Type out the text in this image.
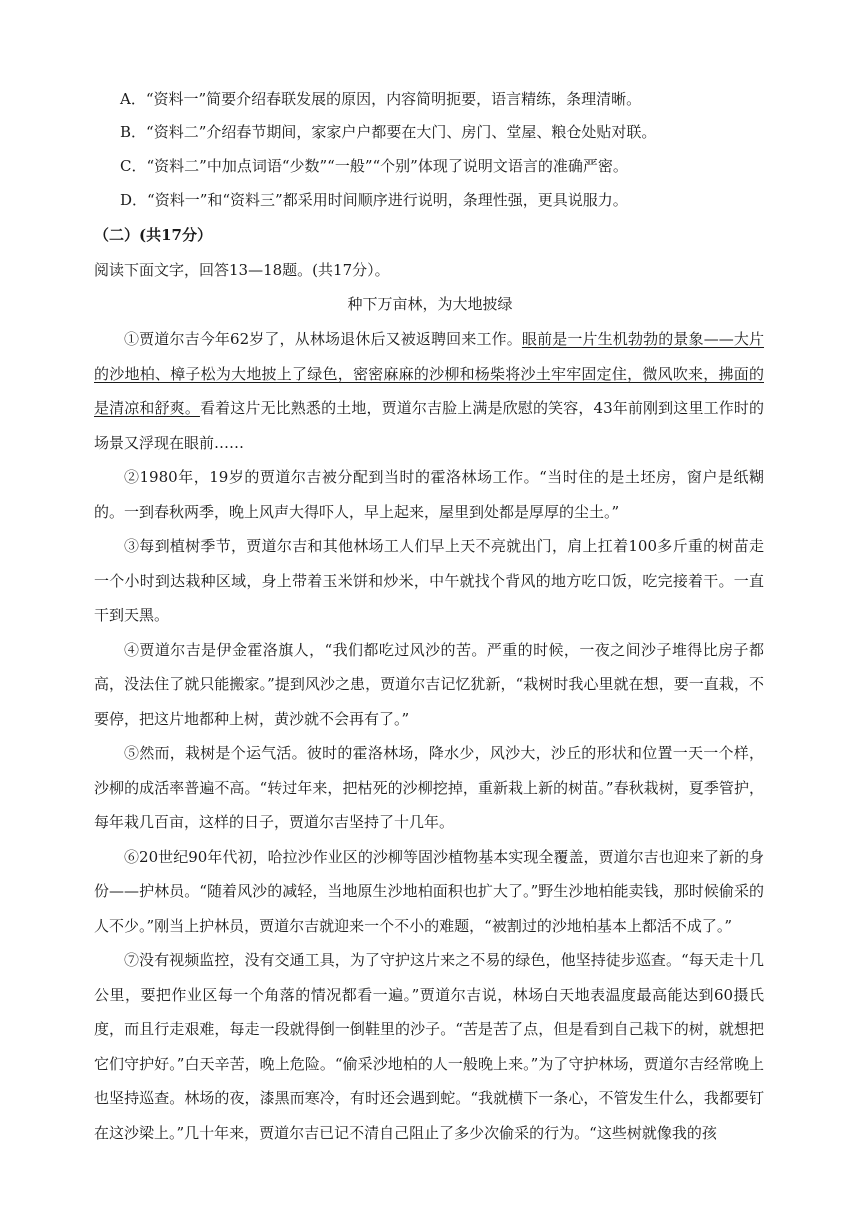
A．“资料一”简要介绍春联发展的原因，内容简明扼要，语言精练，条理清晰。
B．“资料二”介绍春节期间，家家户户都要在大门、房门、堂屋、粮仓处贴对联。
C．“资料二”中加点词语“少数”“一般”“个别”体现了说明文语言的准确严密。
D．“资料一”和“资料三”都采用时间顺序进行说明，条理性强，更具说服力。
（二）(共17分）
阅读下面文字，回答13—18题。(共17分）。
种下万亩林，为大地披绿

①贾道尔吉今年62岁了，从林场退休后又被返聘回来工作。眼前是一片生机勃勃的景象——大片的沙地柏、樟子松为大地披上了绿色，密密麻麻的沙柳和杨柴将沙土牢牢固定住，微风吹来，拂面的是清凉和舒爽。看着这片无比熟悉的土地，贾道尔吉脸上满是欣慰的笑容，43年前刚到这里工作时的场景又浮现在眼前……

②1980年，19岁的贾道尔吉被分配到当时的霍洛林场工作。“当时住的是土坯房，窗户是纸糊的。一到春秋两季，晚上风声大得吓人，早上起来，屋里到处都是厚厚的尘土。”

③每到植树季节，贾道尔吉和其他林场工人们早上天不亮就出门，肩上扛着100多斤重的树苗走一个小时到达栽种区域，身上带着玉米饼和炒米，中午就找个背风的地方吃口饭，吃完接着干。一直干到天黑。

④贾道尔吉是伊金霍洛旗人，“我们都吃过风沙的苦。严重的时候，一夜之间沙子堆得比房子都高，没法住了就只能搬家。”提到风沙之患，贾道尔吉记忆犹新，“栽树时我心里就在想，要一直栽，不要停，把这片地都种上树，黄沙就不会再有了。”

⑤然而，栽树是个运气活。彼时的霍洛林场，降水少，风沙大，沙丘的形状和位置一天一个样，沙柳的成活率普遍不高。“转过年来，把枯死的沙柳挖掉，重新栽上新的树苗。”春秋栽树，夏季管护，每年栽几百亩，这样的日子，贾道尔吉坚持了十几年。

⑥20世纪90年代初，哈拉沙作业区的沙柳等固沙植物基本实现全覆盖，贾道尔吉也迎来了新的身份——护林员。“随着风沙的减轻，当地原生沙地柏面积也扩大了。”野生沙地柏能卖钱，那时候偷采的人不少。”刚当上护林员，贾道尔吉就迎来一个不小的难题，“被割过的沙地柏基本上都活不成了。”

⑦没有视频监控，没有交通工具，为了守护这片来之不易的绿色，他坚持徒步巡查。“每天走十几公里，要把作业区每一个角落的情况都看一遍。”贾道尔吉说，林场白天地表温度最高能达到60摄氏度，而且行走艰难，每走一段就得倒一倒鞋里的沙子。“苦是苦了点，但是看到自己栽下的树，就想把它们守护好。”白天辛苦，晚上危险。“偷采沙地柏的人一般晚上来。”为了守护林场，贾道尔吉经常晚上也坚持巡查。林场的夜，漆黑而寒冷，有时还会遇到蛇。“我就横下一条心，不管发生什么，我都要钉在这沙梁上。”几十年来，贾道尔吉已记不清自己阻止了多少次偷采的行为。“这些树就像我的孩
